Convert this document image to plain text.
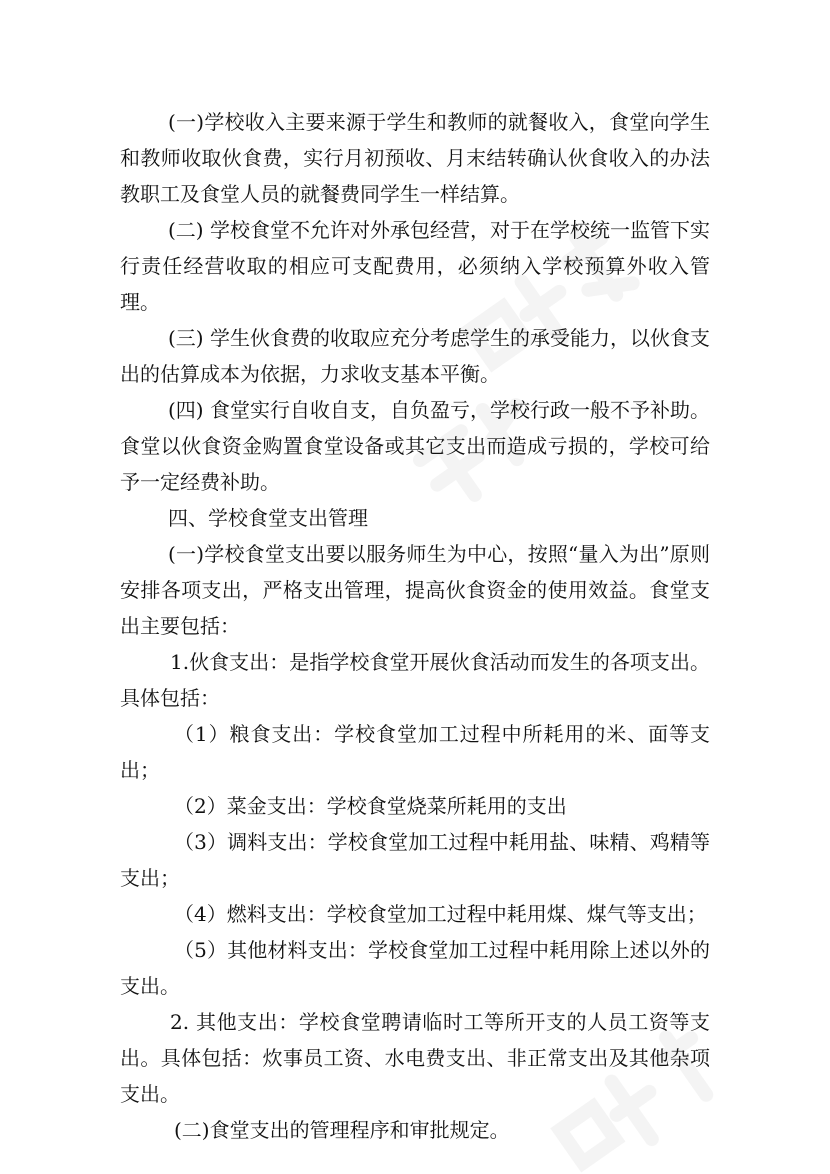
(一)学校收入主要来源于学生和教师的就餐收入，食堂向学生和教师收取伙食费，实行月初预收、月末结转确认伙食收入的办法教职工及食堂人员的就餐费同学生一样结算。

(二) 学校食堂不允许对外承包经营，对于在学校统一监管下实行责任经营收取的相应可支配费用，必须纳入学校预算外收入管理。

(三) 学生伙食费的收取应充分考虑学生的承受能力，以伙食支出的估算成本为依据，力求收支基本平衡。

(四) 食堂实行自收自支，自负盈亏，学校行政一般不予补助。食堂以伙食资金购置食堂设备或其它支出而造成亏损的，学校可给予一定经费补助。

四、学校食堂支出管理

(一)学校食堂支出要以服务师生为中心，按照“量入为出”原则安排各项支出，严格支出管理，提高伙食资金的使用效益。食堂支出主要包括：

1.伙食支出：是指学校食堂开展伙食活动而发生的各项支出。具体包括：

（1）粮食支出：学校食堂加工过程中所耗用的米、面等支出；

（2）菜金支出：学校食堂烧菜所耗用的支出

（3）调料支出：学校食堂加工过程中耗用盐、味精、鸡精等支出；

（4）燃料支出：学校食堂加工过程中耗用煤、煤气等支出；

（5）其他材料支出：学校食堂加工过程中耗用除上述以外的支出。

2. 其他支出：学校食堂聘请临时工等所开支的人员工资等支出。具体包括：炊事员工资、水电费支出、非正常支出及其他杂项支出。

(二)食堂支出的管理程序和审批规定。
